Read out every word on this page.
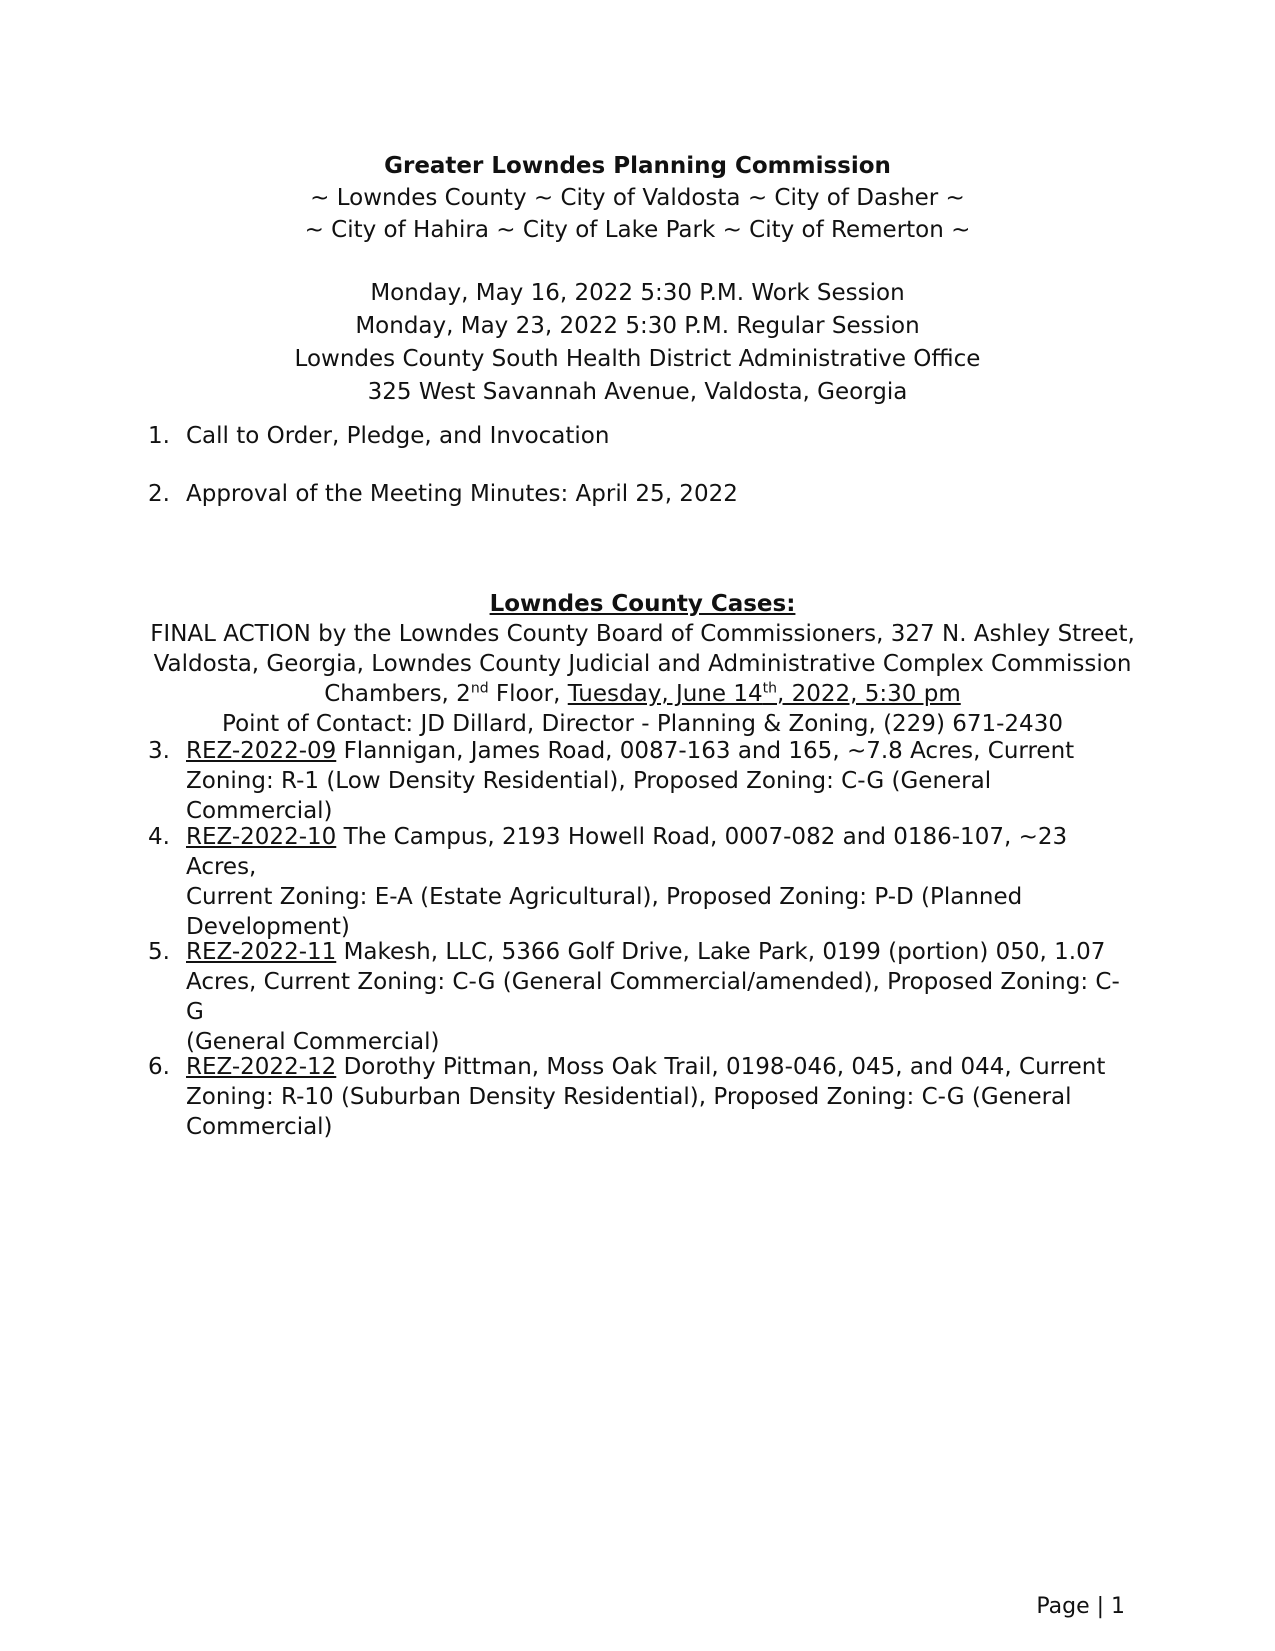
Greater Lowndes Planning Commission
~ Lowndes County ~ City of Valdosta ~ City of Dasher ~
~ City of Hahira ~ City of Lake Park ~ City of Remerton ~
Monday, May 16, 2022 5:30 P.M. Work Session
Monday, May 23, 2022 5:30 P.M. Regular Session
Lowndes County South Health District Administrative Office
325 West Savannah Avenue, Valdosta, Georgia
1. Call to Order, Pledge, and Invocation
2. Approval of the Meeting Minutes: April 25, 2022
Lowndes County Cases:
FINAL ACTION by the Lowndes County Board of Commissioners, 327 N. Ashley Street,
Valdosta, Georgia, Lowndes County Judicial and Administrative Complex Commission
Chambers, 2nd Floor, Tuesday, June 14th, 2022, 5:30 pm
Point of Contact: JD Dillard, Director - Planning & Zoning, (229) 671-2430
3. REZ-2022-09 Flannigan, James Road, 0087-163 and 165, ~7.8 Acres, Current
Zoning: R-1 (Low Density Residential), Proposed Zoning: C-G (General Commercial)
4. REZ-2022-10 The Campus, 2193 Howell Road, 0007-082 and 0186-107, ~23 Acres,
Current Zoning: E-A (Estate Agricultural), Proposed Zoning: P-D (Planned
Development)
5. REZ-2022-11 Makesh, LLC, 5366 Golf Drive, Lake Park, 0199 (portion) 050, 1.07
Acres, Current Zoning: C-G (General Commercial/amended), Proposed Zoning: C-G
(General Commercial)
6. REZ-2022-12 Dorothy Pittman, Moss Oak Trail, 0198-046, 045, and 044, Current
Zoning: R-10 (Suburban Density Residential), Proposed Zoning: C-G (General
Commercial)
Page | 1
